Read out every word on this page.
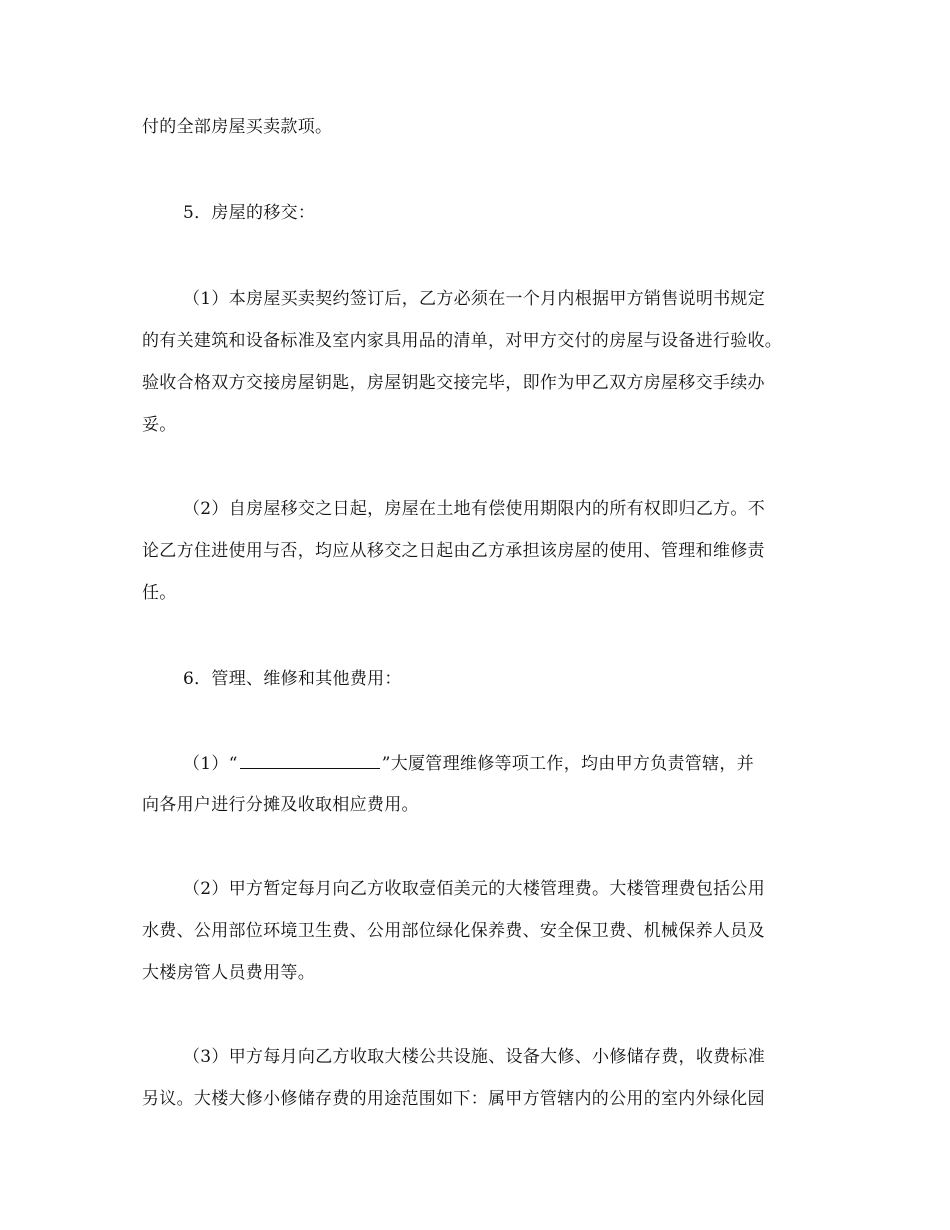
付的全部房屋买卖款项。
5．房屋的移交：
（1）本房屋买卖契约签订后，乙方必须在一个月内根据甲方销售说明书规定
的有关建筑和设备标准及室内家具用品的清单，对甲方交付的房屋与设备进行验收。
验收合格双方交接房屋钥匙，房屋钥匙交接完毕，即作为甲乙双方房屋移交手续办
妥。
（2）自房屋移交之日起，房屋在土地有偿使用期限内的所有权即归乙方。不
论乙方住进使用与否，均应从移交之日起由乙方承担该房屋的使用、管理和维修责
任。
6．管理、维修和其他费用：
（1）“	”大厦管理维修等项工作，均由甲方负责管辖，并
向各用户进行分摊及收取相应费用。
（2）甲方暂定每月向乙方收取壹佰美元的大楼管理费。大楼管理费包括公用
水费、公用部位环境卫生费、公用部位绿化保养费、安全保卫费、机械保养人员及
大楼房管人员费用等。
（3）甲方每月向乙方收取大楼公共设施、设备大修、小修储存费，收费标准
另议。大楼大修小修储存费的用途范围如下：属甲方管辖内的公用的室内外绿化园
